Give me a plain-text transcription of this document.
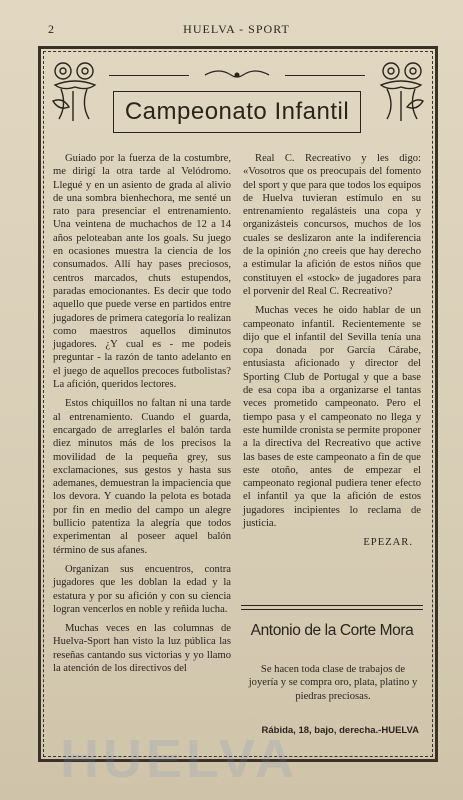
2	HUELVA - SPORT
Campeonato Infantil

Guiado por la fuerza de la costumbre, me dirigí la otra tarde al Velódromo. Llegué y en un asiento de grada al alivio de una sombra bienhechora, me senté un rato para presenciar el entrenamiento. Una veintena de muchachos de 12 a 14 años peloteaban ante los goals. Su juego en ocasiones muestra la ciencia de los consumados. Allí hay pases preciosos, centros marcados, chuts estupendos, paradas emocionantes. Es decir que todo aquello que puede verse en partidos entre jugadores de primera categoría lo realizan como maestros aquellos diminutos jugadores. ¿Y cual es - me podeis preguntar - la razón de tanto adelanto en el juego de aquellos precoces futbolistas? La afición, queridos lectores.

Estos chiquillos no faltan ni una tarde al entrenamiento. Cuando el guarda, encargado de arreglarles el balón tarda diez minutos más de los precisos la movilidad de la pequeña grey, sus exclamaciones, sus gestos y hasta sus ademanes, demuestran la impaciencia que los devora. Y cuando la pelota es botada por fin en medio del campo un alegre bullicio patentiza la alegría que todos experimentan al poseer aquel balón término de sus afanes.

Organizan sus encuentros, contra jugadores que les doblan la edad y la estatura y por su afición y con su ciencia logran vencerlos en noble y reñida lucha.

Muchas veces en las columnas de Huelva-Sport han visto la luz pública las reseñas cantando sus victorias y yo llamo la atención de los directivos del

Real C. Recreativo y les digo: «Vosotros que os preocupais del fomento del sport y que para que todos los equipos de Huelva tuvieran estímulo en su entrenamiento regalásteis una copa y organizásteis concursos, muchos de los cuales se deslizaron ante la indiferencia de la opinión ¿no creeis que hay derecho a estimular la afición de estos niños que constituyen el «stock» de jugadores para el porvenir del Real C. Recreativo?

Muchas veces he oido hablar de un campeonato infantil. Recientemente se dijo que el infantil del Sevilla tenía una copa donada por García Cárabe, entusiasta aficionado y director del Sporting Club de Portugal y que a base de esa copa iba a organizarse el tantas veces prometido campeonato. Pero el tiempo pasa y el campeonato no llega y este humilde cronista se permite proponer a la directiva del Recreativo que active las bases de este campeonato a fin de que este otoño, antes de empezar el campeonato regional pudiera tener efecto el infantil ya que la afición de estos jugadores incipientes lo reclama de justicia.

EPEZAR.
Antonio de la Corte Mora
Se hacen toda clase de trabajos de joyería y se compra oro, plata, platino y piedras preciosas.
Rábida, 18, bajo, derecha.-HUELVA
HUELVA
